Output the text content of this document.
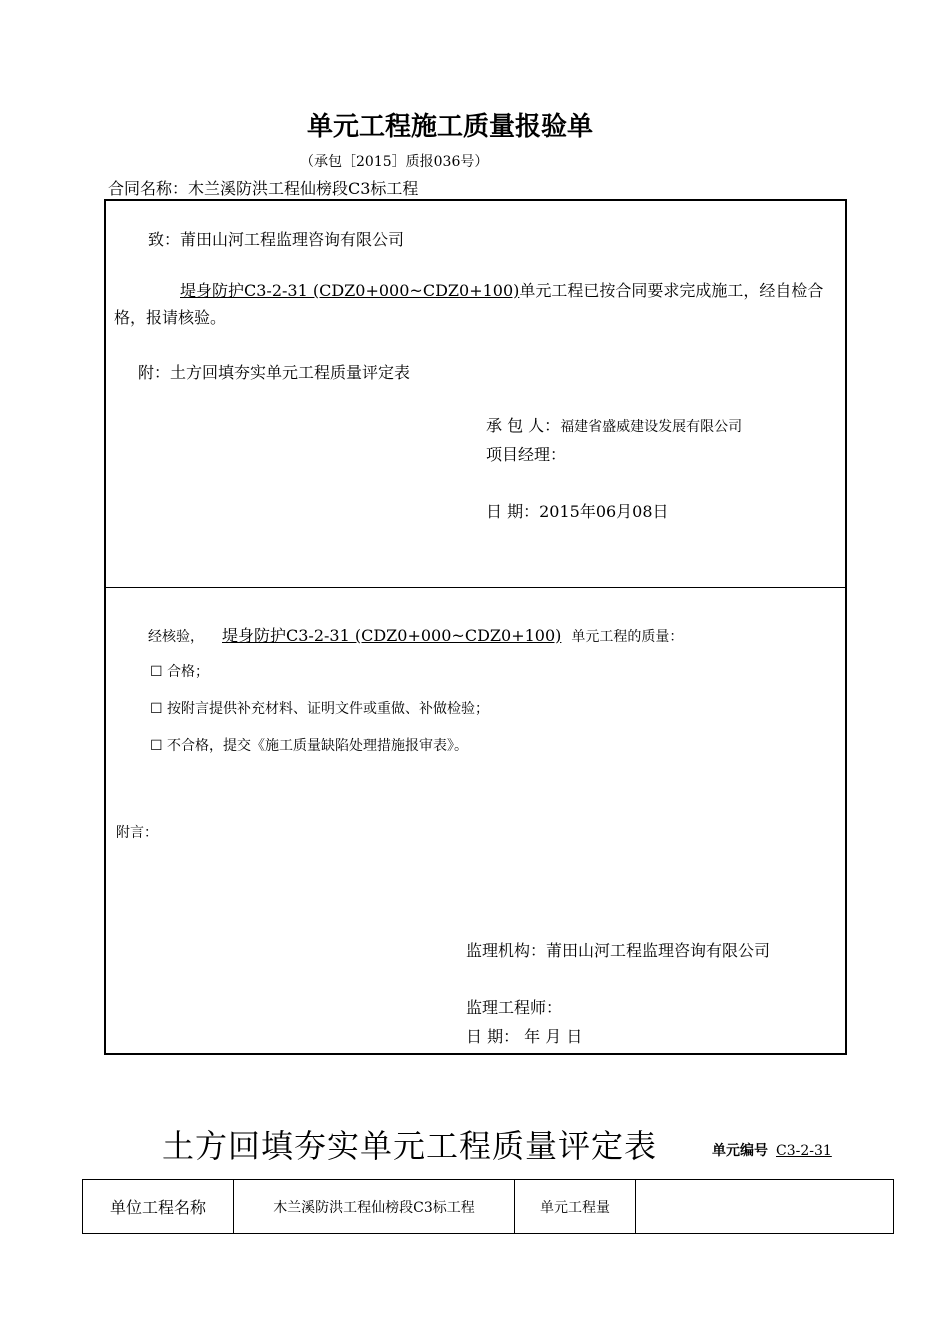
单元工程施工质量报验单
（承包［2015］质报036号）
合同名称：木兰溪防洪工程仙榜段C3标工程
致：莆田山河工程监理咨询有限公司
堤身防护C3-2-31 (CDZ0+000~CDZ0+100)单元工程已按合同要求完成施工，经自检合格，报请核验。
附：土方回填夯实单元工程质量评定表
承 包 人：福建省盛威建设发展有限公司
项目经理：
日 期：2015年06月08日
经核验， 堤身防护C3-2-31 (CDZ0+000~CDZ0+100) 单元工程的质量：
☐ 合格；
☐ 按附言提供补充材料、证明文件或重做、补做检验；
☐ 不合格，提交《施工质量缺陷处理措施报审表》。
附言：
监理机构：莆田山河工程监理咨询有限公司
监理工程师：
日 期： 年 月 日
土方回填夯实单元工程质量评定表	单元编号 C3-2-31
单位工程名称	木兰溪防洪工程仙榜段C3标工程	单元工程量	
